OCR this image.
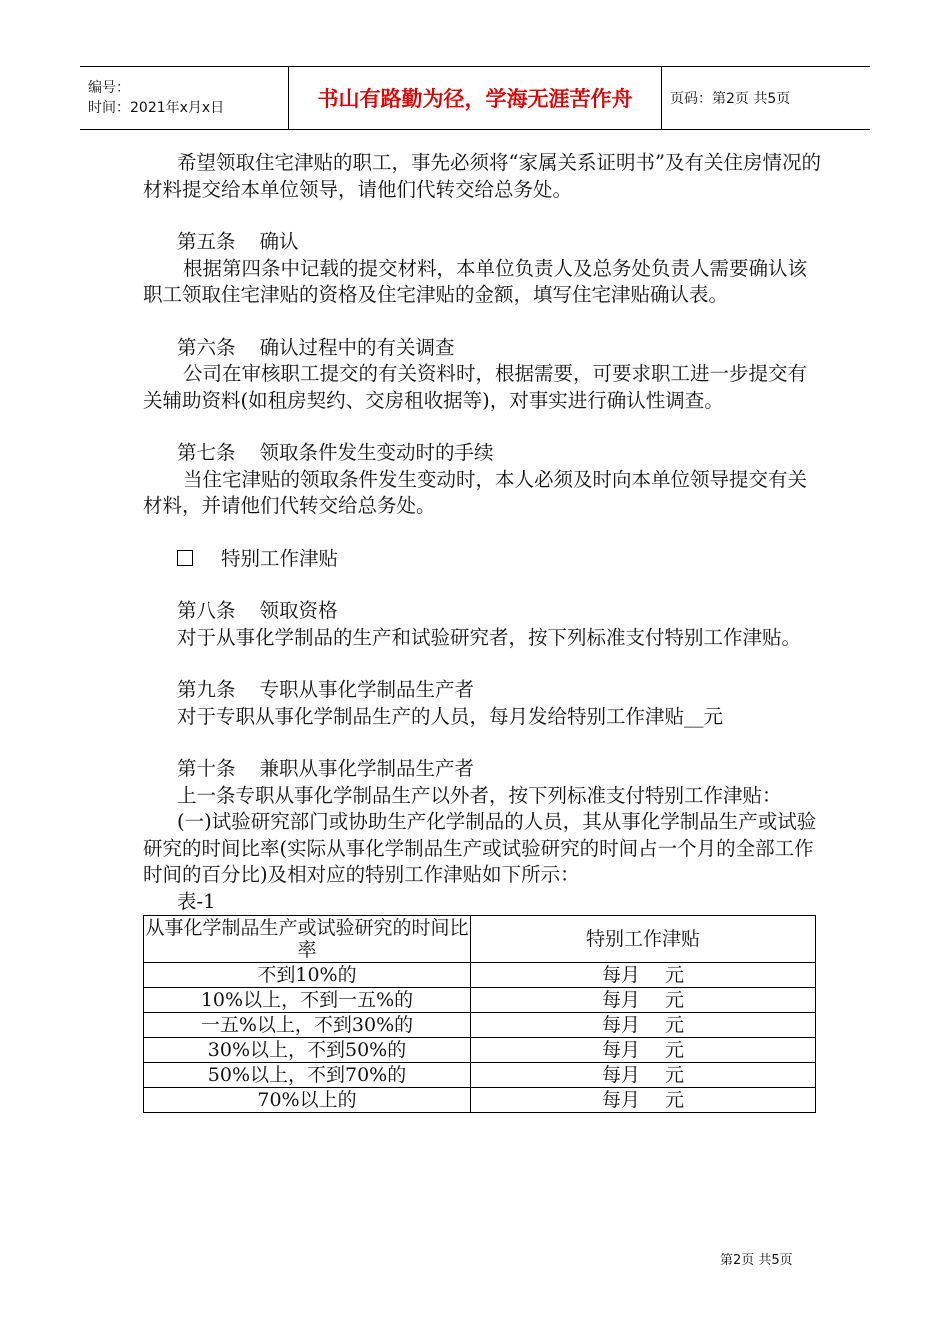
编号：
时间：2021年x月x日	书山有路勤为径，学海无涯苦作舟	页码：第2页 共5页

希望领取住宅津贴的职工，事先必须将“家属关系证明书”及有关住房情况的材料提交给本单位领导，请他们代转交给总务处。

第五条 确认

根据第四条中记载的提交材料，本单位负责人及总务处负责人需要确认该职工领取住宅津贴的资格及住宅津贴的金额，填写住宅津贴确认表。

第六条 确认过程中的有关调查

公司在审核职工提交的有关资料时，根据需要，可要求职工进一步提交有关辅助资料(如租房契约、交房租收据等)，对事实进行确认性调查。

第七条 领取条件发生变动时的手续

当住宅津贴的领取条件发生变动时，本人必须及时向本单位领导提交有关材料，并请他们代转交给总务处。

特别工作津贴

第八条 领取资格

对于从事化学制品的生产和试验研究者，按下列标准支付特别工作津贴。

第九条 专职从事化学制品生产者

对于专职从事化学制品生产的人员，每月发给特别工作津贴__元

第十条 兼职从事化学制品生产者

上一条专职从事化学制品生产以外者，按下列标准支付特别工作津贴：

(一)试验研究部门或协助生产化学制品的人员，其从事化学制品生产或试验研究的时间比率(实际从事化学制品生产或试验研究的时间占一个月的全部工作时间的百分比)及相对应的特别工作津贴如下所示：

表-1

从事化学制品生产或试验研究的时间比率	特别工作津贴
不到10%的	每月　 元
10%以上，不到一五%的	每月　 元
一五%以上，不到30%的	每月　 元
30%以上，不到50%的	每月　 元
50%以上，不到70%的	每月　 元
70%以上的	每月　 元
第2页 共5页
